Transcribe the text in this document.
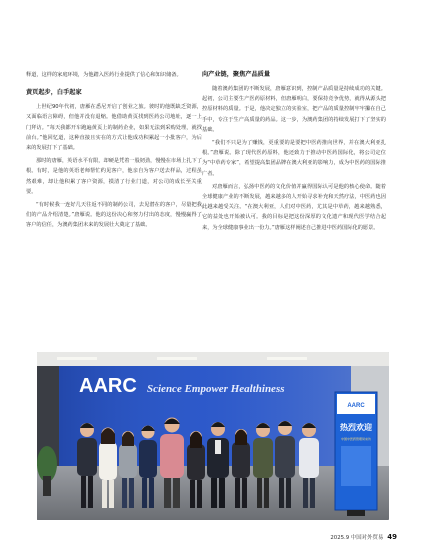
释道，这样的家庭环境，为他踏入医药行业提供了信心和知识储备。

黄页起步，白手起家

上世纪90年代初，唐雁在悉尼开启了创业之旅。彼时的他既缺乏资源，又面临语言障碍，但他并没有退缩。他借助黄页找到医药公司地址，逐一上门拜访。“每天我都开车跑遍黄页上的制药企业，如果无法到采购处理，就找前台。”他回忆道，这种直接且实在的方式让他成功积累起一小批客户，为后来的发展打下了基础。

那时的唐雁，英语水平有限，却硬是凭着一股韧劲，慢慢在市场上扎下了根。有时，是他的英语老师帮忙约见客户，他亲自为客户送去样品，过程虽然艰难，却让他积累了客户资源，摸清了行业门道，对公司的成长至关重要。

“有时候我一连好几天往返不同的制药公司，去见潜在的客户，尽量把我们的产品介绍清楚。”唐雁说。他的这份决心和努力付出的态度，慢慢赢得了客户的信任，为澳药集团未来的发展壮大奠定了基础。

向产业链，聚焦产品质量

随着澳药集团的不断发展，唐雁意识到，控制产品质量是持续成功的关键。起初，公司主要生产医药原材料，但唐雁明白，要保持竞争优势，就得从源头把控原材料的质量。于是，他决定独立的实验室，把产品的质量控制牢牢攥在自己手中，专注于生产高质量的药品。这一步，为澳药集团的持续发展打下了坚实的基础。

“我们不只是为了赚钱，更重要的是要把中医药推向世界，并在澳大利亚扎根。”唐雁说。除了现代医药原料，他还致力于推动中医药国际化，将公司定位为“中草药专家”，希望提高集团品牌在澳大利亚的影响力，成为中医药的国际推广者。

对唐雁而言，弘扬中医药的文化价值并赢得国际认可是他的核心使命。随着全球健康产业的不断发展，越来越多的人开始寻求补充和天然疗法，中医药也因此越来越受关注。“在澳大利亚，人们对中医药，尤其是中草药，越来越熟悉，它的益处也开始被认可。我的目标是把这份深厚的文化遗产和现代医学结合起来，为全球健康事业出一份力。”唐雁这样阐述自己推进中医药国际化的愿景。

AARC Science Empower Healthiness
AARC
热烈欢迎
中国中医药管理局来访
2025.9 中国对外贸易 49
